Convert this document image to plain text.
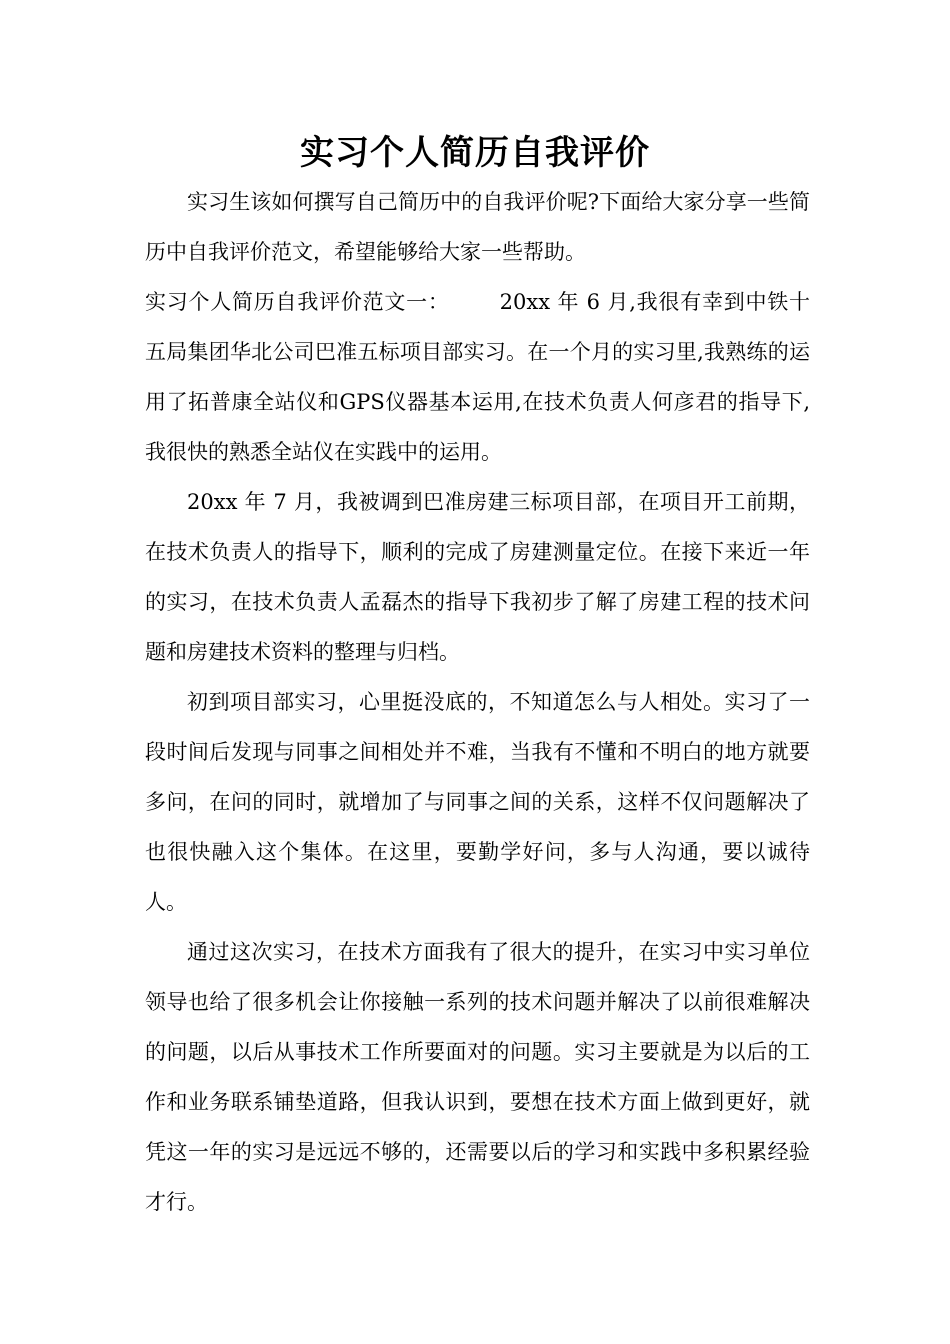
实习个人简历自我评价

实习生该如何撰写自己简历中的自我评价呢?下面给大家分享一些简历中自我评价范文，希望能够给大家一些帮助。

实习个人简历自我评价范文一： 20xx 年 6 月,我很有幸到中铁十五局集团华北公司巴准五标项目部实习。在一个月的实习里,我熟练的运用了拓普康全站仪和GPS仪器基本运用,在技术负责人何彦君的指导下,我很快的熟悉全站仪在实践中的运用。

20xx 年 7 月，我被调到巴准房建三标项目部，在项目开工前期，在技术负责人的指导下，顺利的完成了房建测量定位。在接下来近一年的实习，在技术负责人孟磊杰的指导下我初步了解了房建工程的技术问题和房建技术资料的整理与归档。

初到项目部实习，心里挺没底的，不知道怎么与人相处。实习了一段时间后发现与同事之间相处并不难，当我有不懂和不明白的地方就要多问，在问的同时，就增加了与同事之间的关系，这样不仅问题解决了也很快融入这个集体。在这里，要勤学好问，多与人沟通，要以诚待人。

通过这次实习，在技术方面我有了很大的提升，在实习中实习单位领导也给了很多机会让你接触一系列的技术问题并解决了以前很难解决的问题，以后从事技术工作所要面对的问题。实习主要就是为以后的工作和业务联系铺垫道路，但我认识到，要想在技术方面上做到更好，就凭这一年的实习是远远不够的，还需要以后的学习和实践中多积累经验才行。
